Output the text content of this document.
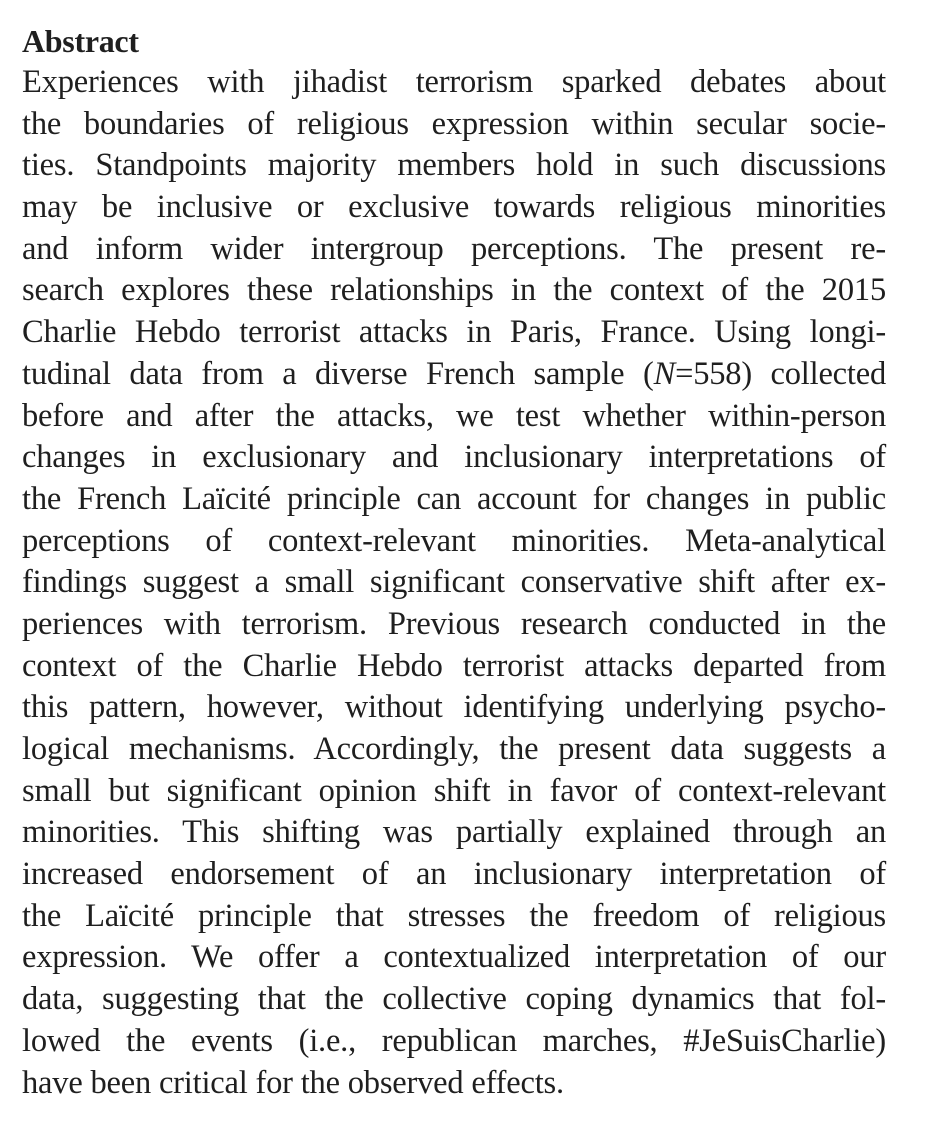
Abstract
Experiences with jihadist terrorism sparked debates about
the boundaries of religious expression within secular socie-
ties. Standpoints majority members hold in such discussions
may be inclusive or exclusive towards religious minorities
and inform wider intergroup perceptions. The present re-
search explores these relationships in the context of the 2015
Charlie Hebdo terrorist attacks in Paris, France. Using longi-
tudinal data from a diverse French sample (N=558) collected
before and after the attacks, we test whether within-person
changes in exclusionary and inclusionary interpretations of
the French Laïcité principle can account for changes in public
perceptions of context-relevant minorities. Meta-analytical
findings suggest a small significant conservative shift after ex-
periences with terrorism. Previous research conducted in the
context of the Charlie Hebdo terrorist attacks departed from
this pattern, however, without identifying underlying psycho-
logical mechanisms. Accordingly, the present data suggests a
small but significant opinion shift in favor of context-relevant
minorities. This shifting was partially explained through an
increased endorsement of an inclusionary interpretation of
the Laïcité principle that stresses the freedom of religious
expression. We offer a contextualized interpretation of our
data, suggesting that the collective coping dynamics that fol-
lowed the events (i.e., republican marches, #JeSuisCharlie)
have been critical for the observed effects.
